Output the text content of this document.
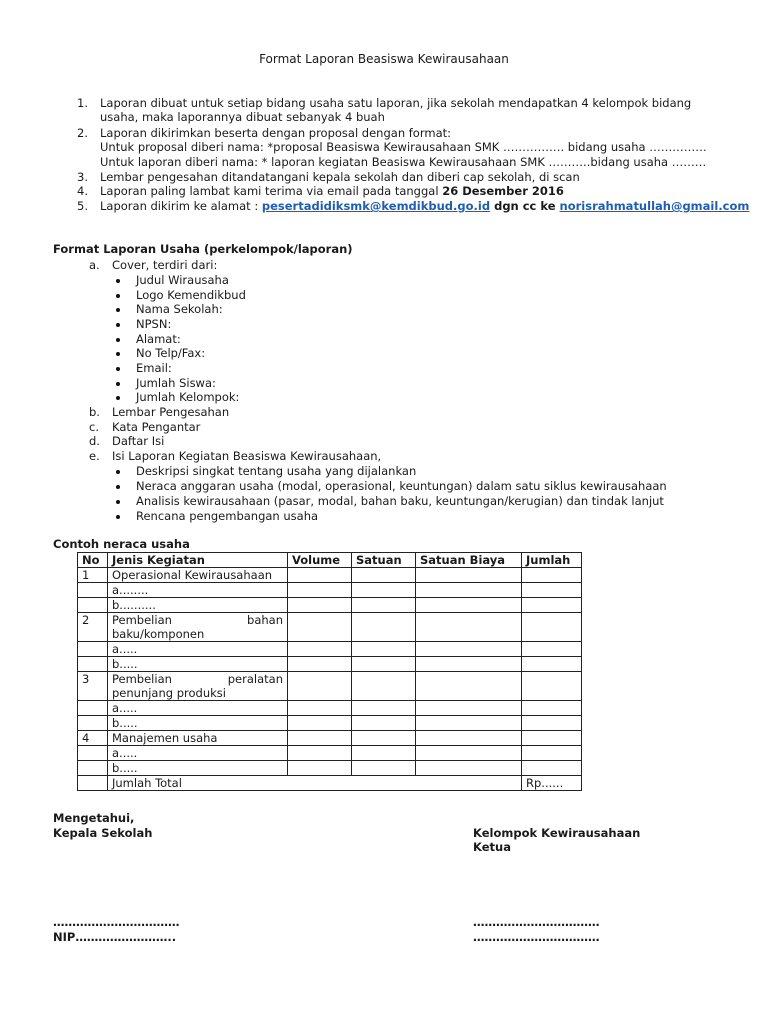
Format Laporan Beasiswa Kewirausahaan
1. Laporan dibuat untuk setiap bidang usaha satu laporan, jika sekolah mendapatkan 4 kelompok bidang
usaha, maka laporannya dibuat sebanyak 4 buah
2. Laporan dikirimkan beserta dengan proposal dengan format:
Untuk proposal diberi nama: *proposal Beasiswa Kewirausahaan SMK ……………. bidang usaha ……………
Untuk laporan diberi nama: * laporan kegiatan Beasiswa Kewirausahaan SMK ………..bidang usaha ………
3. Lembar pengesahan ditandatangani kepala sekolah dan diberi cap sekolah, di scan
4. Laporan paling lambat kami terima via email pada tanggal 26 Desember 2016
5. Laporan dikirim ke alamat : pesertadidiksmk@kemdikbud.go.id dgn cc ke norisrahmatullah@gmail.com
Format Laporan Usaha (perkelompok/laporan)
a. Cover, terdiri dari:
Judul Wirausaha
Logo Kemendikbud
Nama Sekolah:
NPSN:
Alamat:
No Telp/Fax:
Email:
Jumlah Siswa:
Jumlah Kelompok:
b. Lembar Pengesahan
c. Kata Pengantar
d. Daftar Isi
e. Isi Laporan Kegiatan Beasiswa Kewirausahaan,
Deskripsi singkat tentang usaha yang dijalankan
Neraca anggaran usaha (modal, operasional, keuntungan) dalam satu siklus kewirausahaan
Analisis kewirausahaan (pasar, modal, bahan baku, keuntungan/kerugian) dan tindak lanjut
Rencana pengembangan usaha
Contoh neraca usaha
No	Jenis Kegiatan	Volume	Satuan	Satuan Biaya	Jumlah
1	Operasional Kewirausahaan				
	a........				
	b..........				
2	Pembelian bahan
baku/komponen				

	a.....				
	b.....				
3	Pembelian peralatan
penunjang produksi				

	a.....				
	b.....				
4	Manajemen usaha				
	a.....				
	b.....				
	Jumlah Total				Rp......
Mengetahui,
Kepala Sekolah	Kelompok Kewirausahaan
Ketua
……………………………
NIP……………………..
……………………………
……………………………
